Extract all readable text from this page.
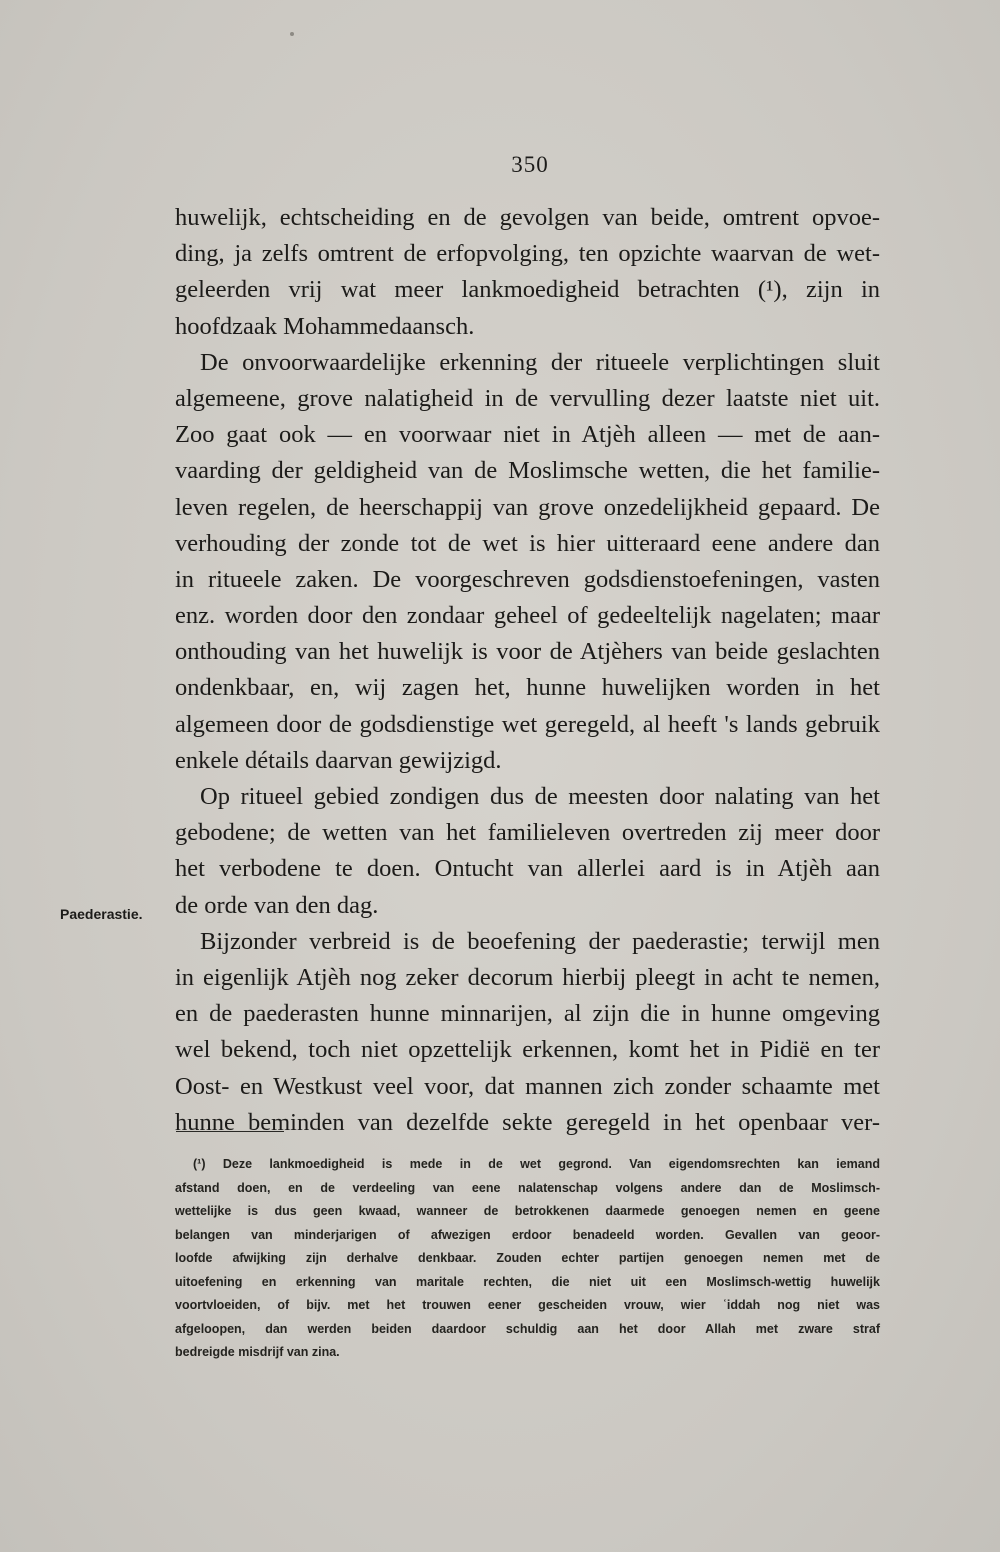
350
Paederastie.
huwelijk, echtscheiding en de gevolgen van beide, omtrent opvoe-
ding, ja zelfs omtrent de erfopvolging, ten opzichte waarvan de wet-
geleerden vrij wat meer lankmoedigheid betrachten (¹), zijn in
hoofdzaak Mohammedaansch.
De onvoorwaardelijke erkenning der ritueele verplichtingen sluit
algemeene, grove nalatigheid in de vervulling dezer laatste niet uit.
Zoo gaat ook — en voorwaar niet in Atjèh alleen — met de aan-
vaarding der geldigheid van de Moslimsche wetten, die het familie-
leven regelen, de heerschappij van grove onzedelijkheid gepaard. De
verhouding der zonde tot de wet is hier uitteraard eene andere dan
in ritueele zaken. De voorgeschreven godsdienstoefeningen, vasten
enz. worden door den zondaar geheel of gedeeltelijk nagelaten; maar
onthouding van het huwelijk is voor de Atjèhers van beide geslachten
ondenkbaar, en, wij zagen het, hunne huwelijken worden in het
algemeen door de godsdienstige wet geregeld, al heeft 's lands gebruik
enkele détails daarvan gewijzigd.
Op ritueel gebied zondigen dus de meesten door nalating van het
gebodene; de wetten van het familieleven overtreden zij meer door
het verbodene te doen. Ontucht van allerlei aard is in Atjèh aan
de orde van den dag.
Bijzonder verbreid is de beoefening der paederastie; terwijl men
in eigenlijk Atjèh nog zeker decorum hierbij pleegt in acht te nemen,
en de paederasten hunne minnarijen, al zijn die in hunne omgeving
wel bekend, toch niet opzettelijk erkennen, komt het in Pidië en ter
Oost- en Westkust veel voor, dat mannen zich zonder schaamte met
hunne beminden van dezelfde sekte geregeld in het openbaar ver-
(¹) Deze lankmoedigheid is mede in de wet gegrond. Van eigendomsrechten kan iemand
afstand doen, en de verdeeling van eene nalatenschap volgens andere dan de Moslimsch-
wettelijke is dus geen kwaad, wanneer de betrokkenen daarmede genoegen nemen en geene
belangen van minderjarigen of afwezigen erdoor benadeeld worden. Gevallen van geoor-
loofde afwijking zijn derhalve denkbaar. Zouden echter partijen genoegen nemen met de
uitoefening en erkenning van maritale rechten, die niet uit een Moslimsch-wettig huwelijk
voortvloeiden, of bijv. met het trouwen eener gescheiden vrouw, wier ʿiddah nog niet was
afgeloopen, dan werden beiden daardoor schuldig aan het door Allah met zware straf
bedreigde misdrijf van zina.
